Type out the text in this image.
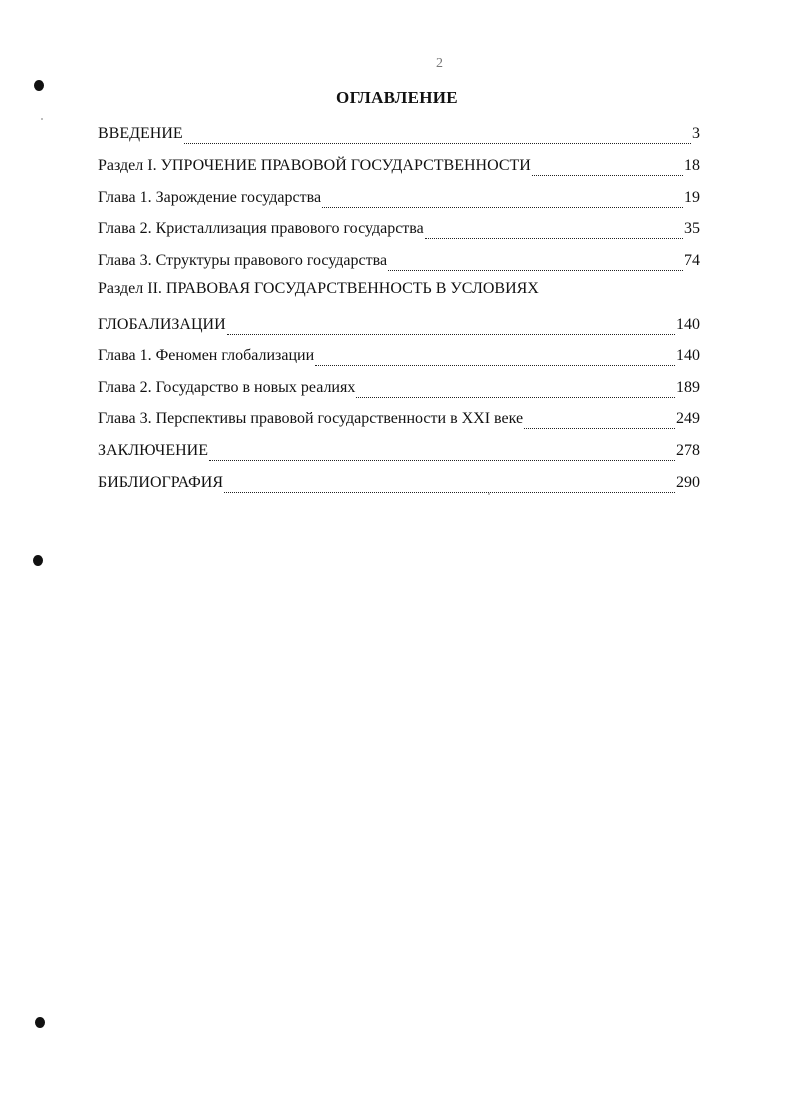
2
ОГЛАВЛЕНИЕ
ВВЕДЕНИЕ	3
Раздел I. УПРОЧЕНИЕ ПРАВОВОЙ ГОСУДАРСТВЕННОСТИ	18
Глава 1. Зарождение государства	19
Глава 2. Кристаллизация правового государства	35
Глава 3. Структуры правового государства	74
Раздел II. ПРАВОВАЯ ГОСУДАРСТВЕННОСТЬ В УСЛОВИЯХ
ГЛОБАЛИЗАЦИИ	140
Глава 1. Феномен глобализации	140
Глава 2. Государство в новых реалиях	189
Глава 3. Перспективы правовой государственности в XXI веке	249
ЗАКЛЮЧЕНИЕ	278
БИБЛИОГРАФИЯ	290
